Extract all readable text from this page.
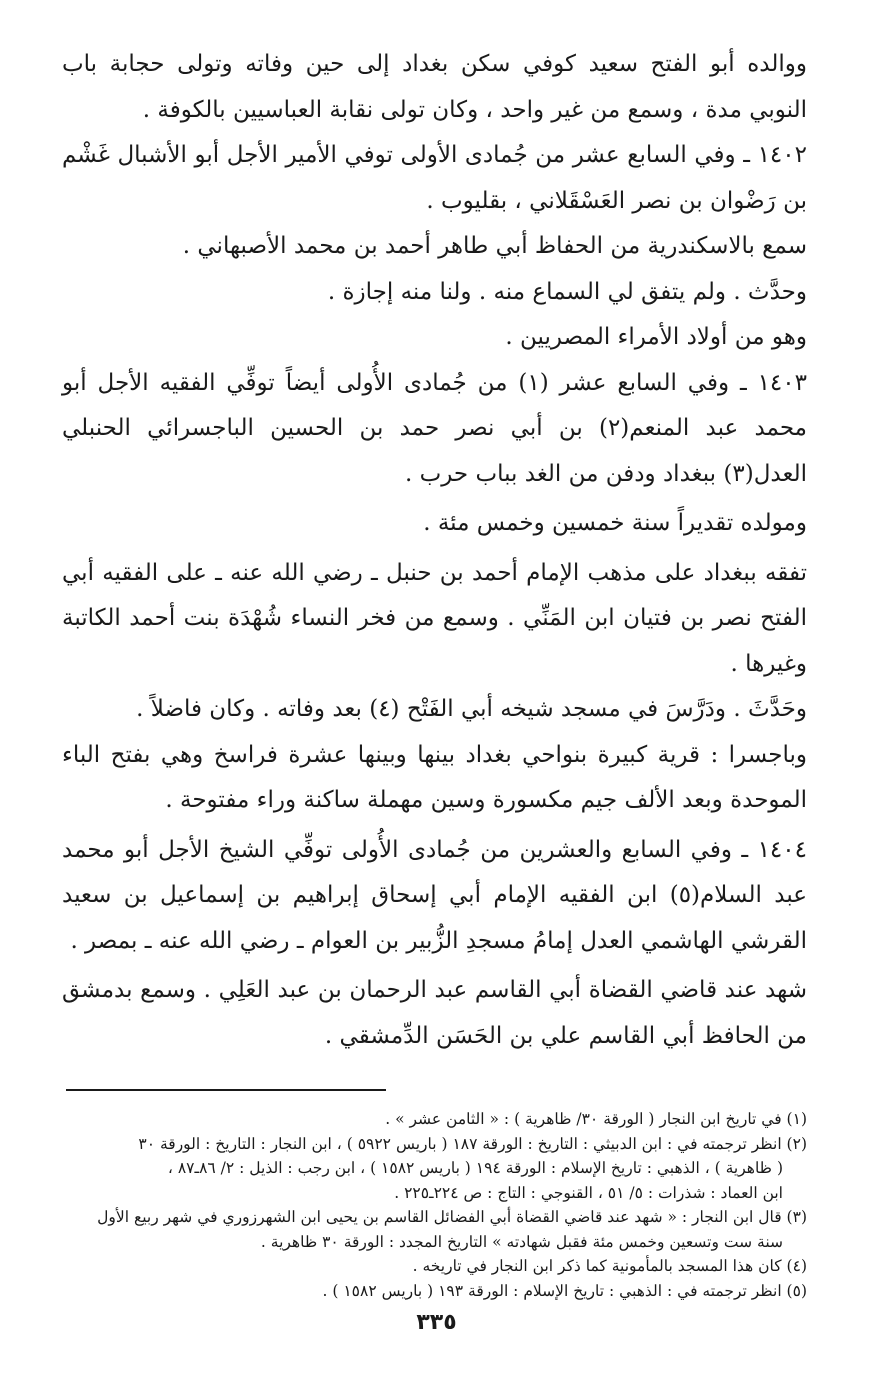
ووالده أبو الفتح سعيد كوفي سكن بغداد إلى حين وفاته وتولى حجابة باب النوبي مدة ، وسمع من غير واحد ، وكان تولى نقابة العباسيين بالكوفة .

١٤٠٢ ـ وفي السابع عشر من جُمادى الأولى توفي الأمير الأجل أبو الأشبال غَشْم بن رَضْوان بن نصر العَسْقَلاني ، بقليوب .

سمع بالاسكندرية من الحفاظ أبي طاهر أحمد بن محمد الأصبهاني .

وحدَّث . ولم يتفق لي السماع منه . ولنا منه إجازة .

وهو من أولاد الأمراء المصريين .

١٤٠٣ ـ وفي السابع عشر (١) من جُمادى الأُولى أيضاً توفِّي الفقيه الأجل أبو محمد عبد المنعم(٢) بن أبي نصر حمد بن الحسين الباجسرائي الحنبلي العدل(٣) ببغداد ودفن من الغد بباب حرب .

ومولده تقديراً سنة خمسين وخمس مئة .

تفقه ببغداد على مذهب الإمام أحمد بن حنبل ـ رضي الله عنه ـ على الفقيه أبي الفتح نصر بن فتيان ابن المَنِّي . وسمع من فخر النساء شُهْدَة بنت أحمد الكاتبة وغيرها .

وحَدَّثَ . ودَرَّسَ في مسجد شيخه أبي الفَتْح (٤) بعد وفاته . وكان فاضلاً .

وباجسرا : قرية كبيرة بنواحي بغداد بينها وبينها عشرة فراسخ وهي بفتح الباء الموحدة وبعد الألف جيم مكسورة وسين مهملة ساكنة وراء مفتوحة .

١٤٠٤ ـ وفي السابع والعشرين من جُمادى الأُولى توفِّي الشيخ الأجل أبو محمد عبد السلام(٥) ابن الفقيه الإمام أبي إسحاق إبراهيم بن إسماعيل بن سعيد القرشي الهاشمي العدل إمامُ مسجدِ الزُّبير بن العوام ـ رضي الله عنه ـ بمصر .

شهد عند قاضي القضاة أبي القاسم عبد الرحمان بن عبد العَلِي . وسمع بدمشق من الحافظ أبي القاسم علي بن الحَسَن الدِّمشقي .

(١) في تاريخ ابن النجار ( الورقة ٣٠/ ظاهرية ) : « الثامن عشر » .

(٢) انظر ترجمته في : ابن الدبيثي : التاريخ : الورقة ١٨٧ ( باريس ٥٩٢٢ ) ، ابن النجار : التاريخ : الورقة ٣٠

( ظاهرية ) ، الذهبي : تاريخ الإسلام : الورقة ١٩٤ ( باريس ١٥٨٢ ) ، ابن رجب : الذيل : ٢/ ٨٦ـ٨٧ ،

ابن العماد : شذرات : ٥/ ٥١ ، القنوجي : التاج : ص ٢٢٤ـ٢٢٥ .

(٣) قال ابن النجار : « شهد عند قاضي القضاة أبي الفضائل القاسم بن يحيى ابن الشهرزوري في شهر ربيع الأول

سنة ست وتسعين وخمس مئة فقبل شهادته » التاريخ المجدد : الورقة ٣٠ ظاهرية .

(٤) كان هذا المسجد بالمأمونية كما ذكر ابن النجار في تاريخه .

(٥) انظر ترجمته في : الذهبي : تاريخ الإسلام : الورقة ١٩٣ ( باريس ١٥٨٢ ) .

٣٣٥
